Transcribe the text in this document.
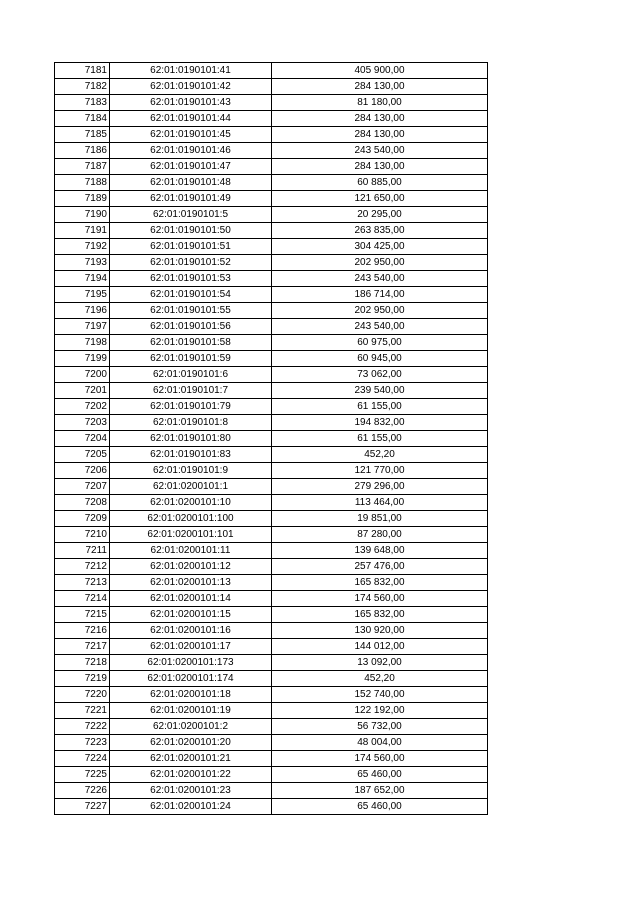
7181	62:01:0190101:41	405 900,00
7182	62:01:0190101:42	284 130,00
7183	62:01:0190101:43	81 180,00
7184	62:01:0190101:44	284 130,00
7185	62:01:0190101:45	284 130,00
7186	62:01:0190101:46	243 540,00
7187	62:01:0190101:47	284 130,00
7188	62:01:0190101:48	60 885,00
7189	62:01:0190101:49	121 650,00
7190	62:01:0190101:5	20 295,00
7191	62:01:0190101:50	263 835,00
7192	62:01:0190101:51	304 425,00
7193	62:01:0190101:52	202 950,00
7194	62:01:0190101:53	243 540,00
7195	62:01:0190101:54	186 714,00
7196	62:01:0190101:55	202 950,00
7197	62:01:0190101:56	243 540,00
7198	62:01:0190101:58	60 975,00
7199	62:01:0190101:59	60 945,00
7200	62:01:0190101:6	73 062,00
7201	62:01:0190101:7	239 540,00
7202	62:01:0190101:79	61 155,00
7203	62:01:0190101:8	194 832,00
7204	62:01:0190101:80	61 155,00
7205	62:01:0190101:83	452,20
7206	62:01:0190101:9	121 770,00
7207	62:01:0200101:1	279 296,00
7208	62:01:0200101:10	113 464,00
7209	62:01:0200101:100	19 851,00
7210	62:01:0200101:101	87 280,00
7211	62:01:0200101:11	139 648,00
7212	62:01:0200101:12	257 476,00
7213	62:01:0200101:13	165 832,00
7214	62:01:0200101:14	174 560,00
7215	62:01:0200101:15	165 832,00
7216	62:01:0200101:16	130 920,00
7217	62:01:0200101:17	144 012,00
7218	62:01:0200101:173	13 092,00
7219	62:01:0200101:174	452,20
7220	62:01:0200101:18	152 740,00
7221	62:01:0200101:19	122 192,00
7222	62:01:0200101:2	56 732,00
7223	62:01:0200101:20	48 004,00
7224	62:01:0200101:21	174 560,00
7225	62:01:0200101:22	65 460,00
7226	62:01:0200101:23	187 652,00
7227	62:01:0200101:24	65 460,00
